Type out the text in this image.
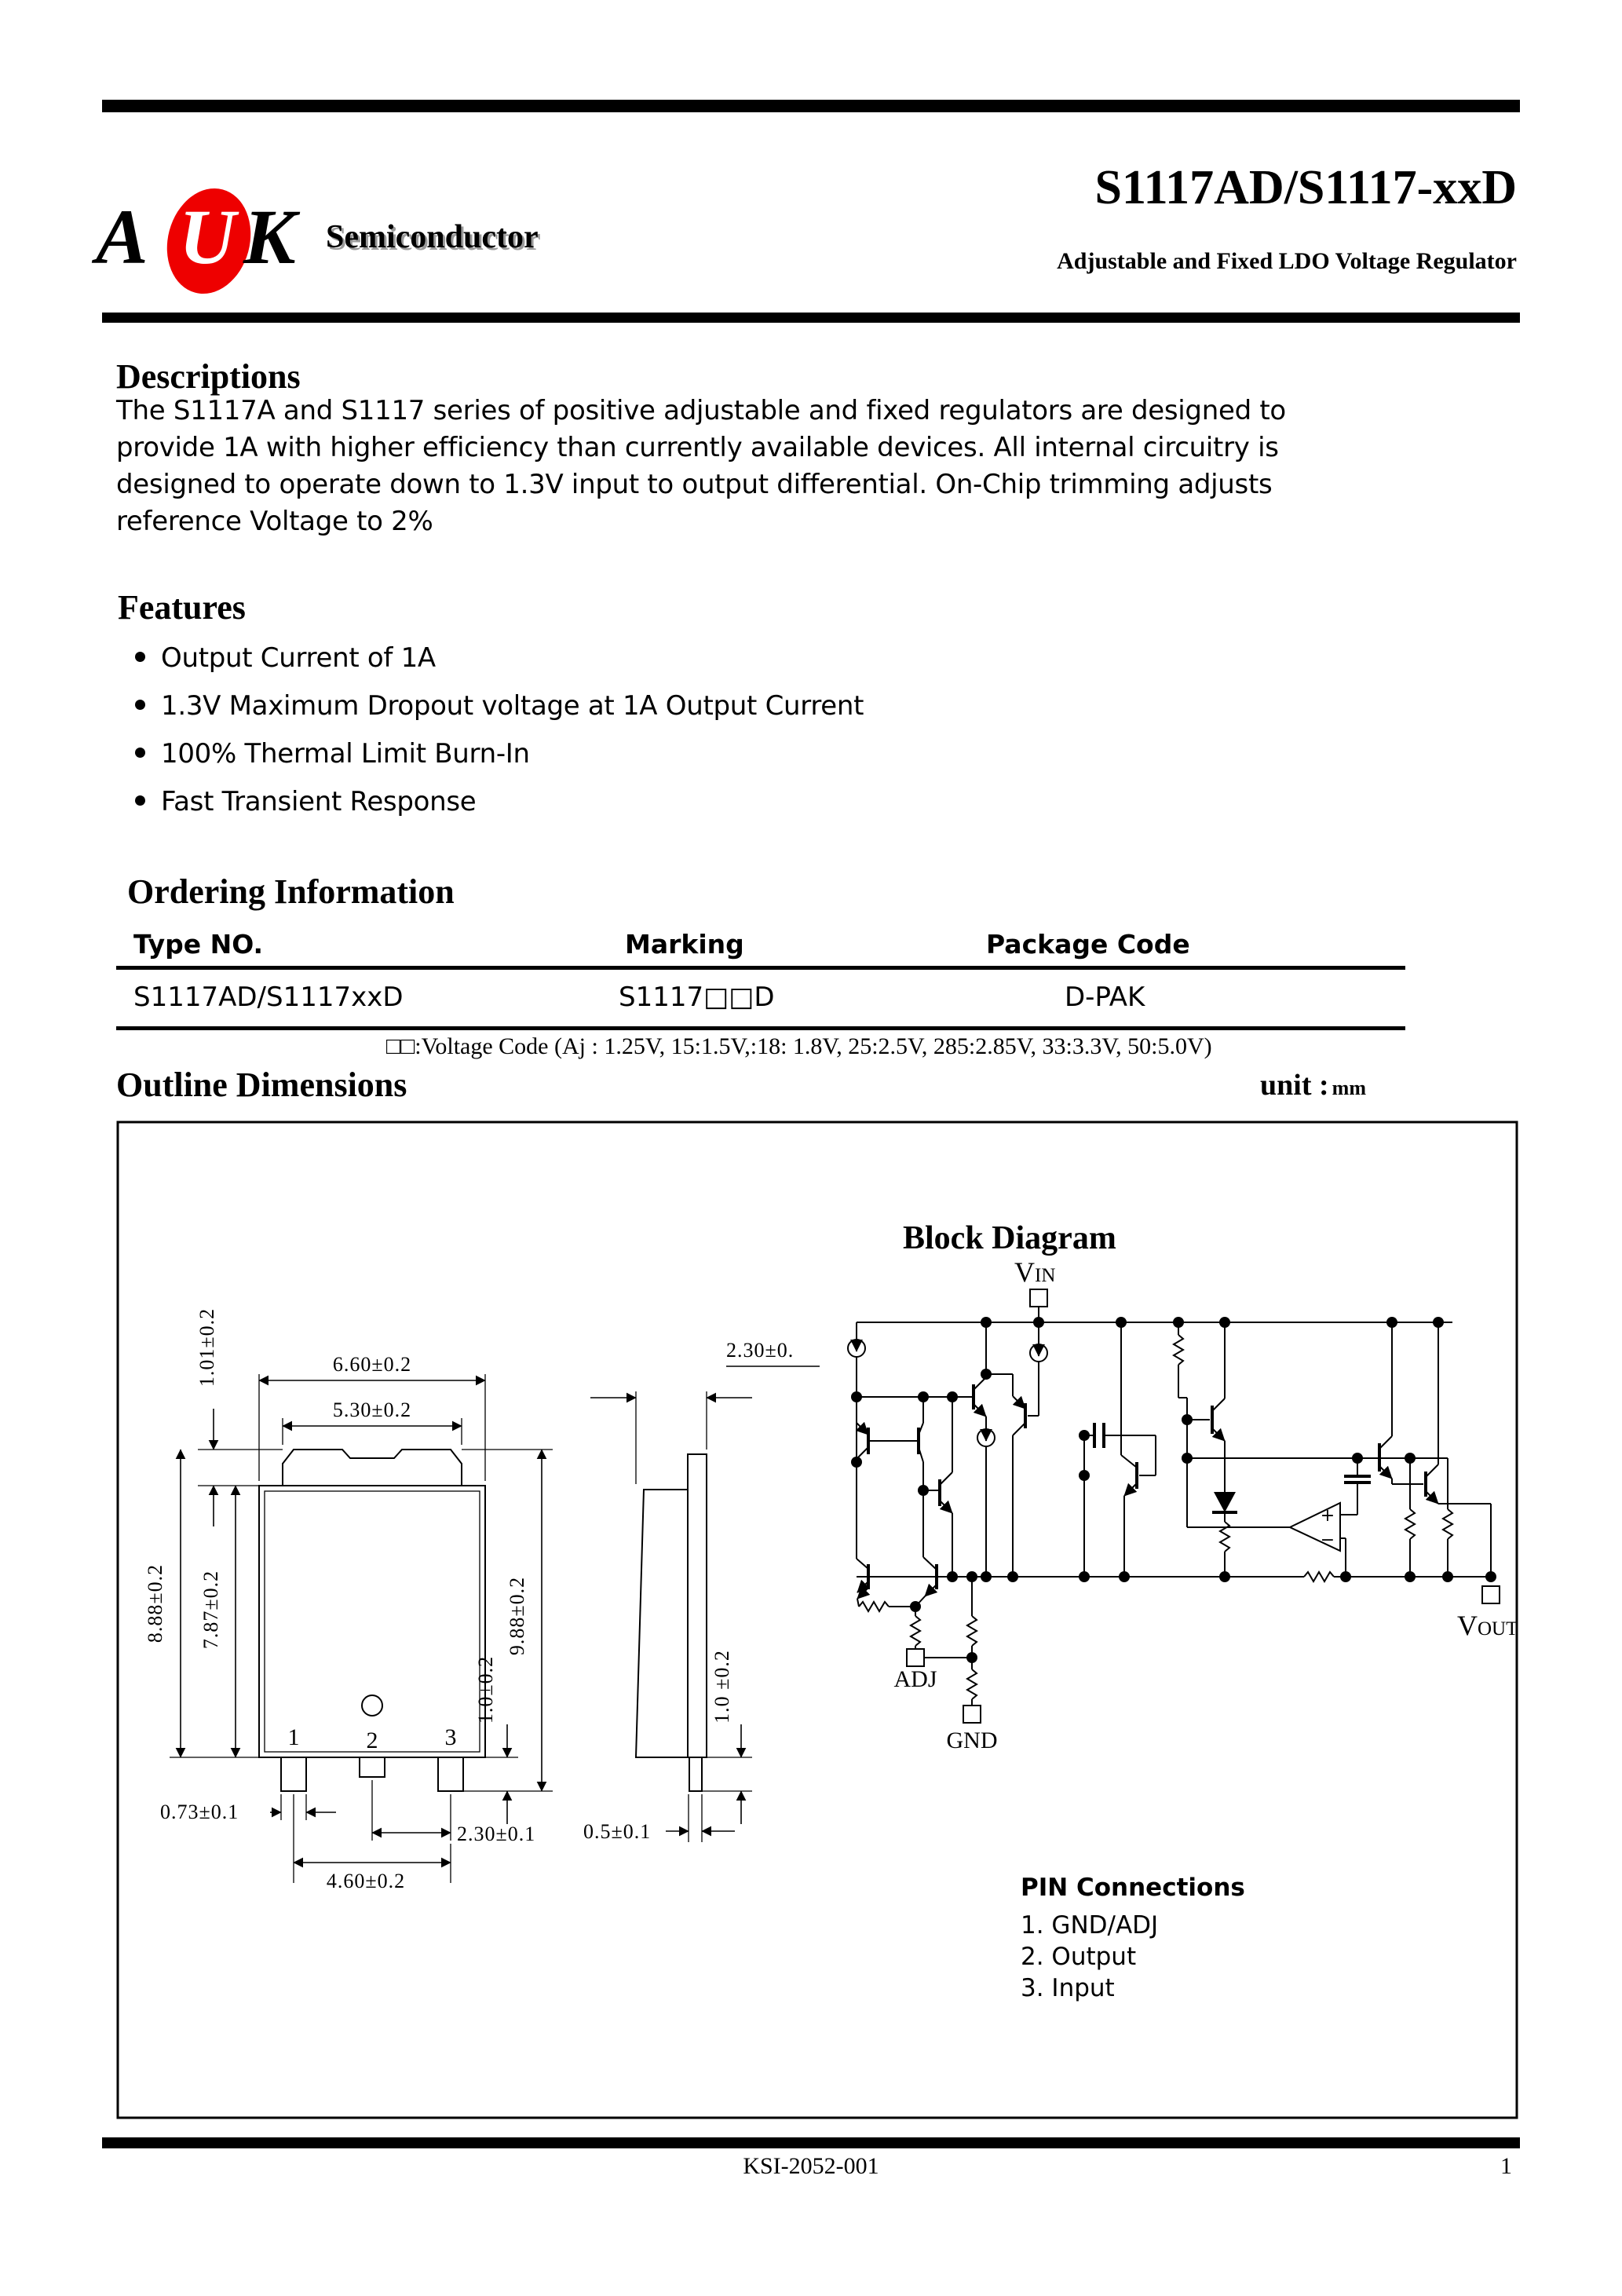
A U K Semiconductor
S1117AD/S1117-xxD
Adjustable and Fixed LDO Voltage Regulator
Descriptions
The S1117A and S1117 series of positive adjustable and fixed regulators are designed to
provide 1A with higher efficiency than currently available devices. All internal circuitry is
designed to operate down to 1.3V input to output differential. On-Chip trimming adjusts
reference Voltage to 2%
Features
Output Current of 1A
1.3V Maximum Dropout voltage at 1A Output Current
100% Thermal Limit Burn-In
Fast Transient Response
Ordering Information
Type NO.	Marking	Package Code
S1117AD/S1117xxD	S1117□□D	D-PAK
□□:Voltage Code (Aj : 1.25V, 15:1.5V,:18: 1.8V, 25:2.5V, 285:2.85V, 33:3.3V, 50:5.0V)
Outline Dimensions	unit : mm
1	2	3
6.60±0.2
5.30±0.2
1.01±0.2
8.88±0.2 7.87±0.2	9.88±0.2
1.0±0.2
0.73±0.1
2.30±0.1
4.60±0.2
2.30±0.
1.0 ±0.2
0.5±0.1
Block Diagram
V IN
ADJ
GND
+
−
V OUT
PIN Connections
1. GND/ADJ
2. Output
3. Input
KSI-2052-001	1
